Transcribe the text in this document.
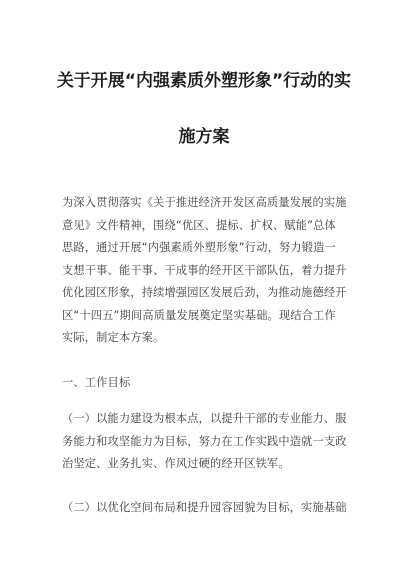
关于开展“内强素质外塑形象”行动的实
施方案
为深入贯彻落实《关于推进经济开发区高质量发展的实施
意见》文件精神，围绕“优区、提标、扩权、赋能”总体
思路，通过开展“内强素质外塑形象”行动，努力锻造一
支想干事、能干事、干成事的经开区干部队伍，着力提升
优化园区形象，持续增强园区发展后劲，为推动施德经开
区“十四五”期间高质量发展奠定坚实基础。现结合工作
实际，制定本方案。
一、工作目标
（一）以能力建设为根本点，以提升干部的专业能力、服
务能力和攻坚能力为目标，努力在工作实践中造就一支政
治坚定、业务扎实、作风过硬的经开区铁军。
（二）以优化空间布局和提升园容园貌为目标，实施基础
